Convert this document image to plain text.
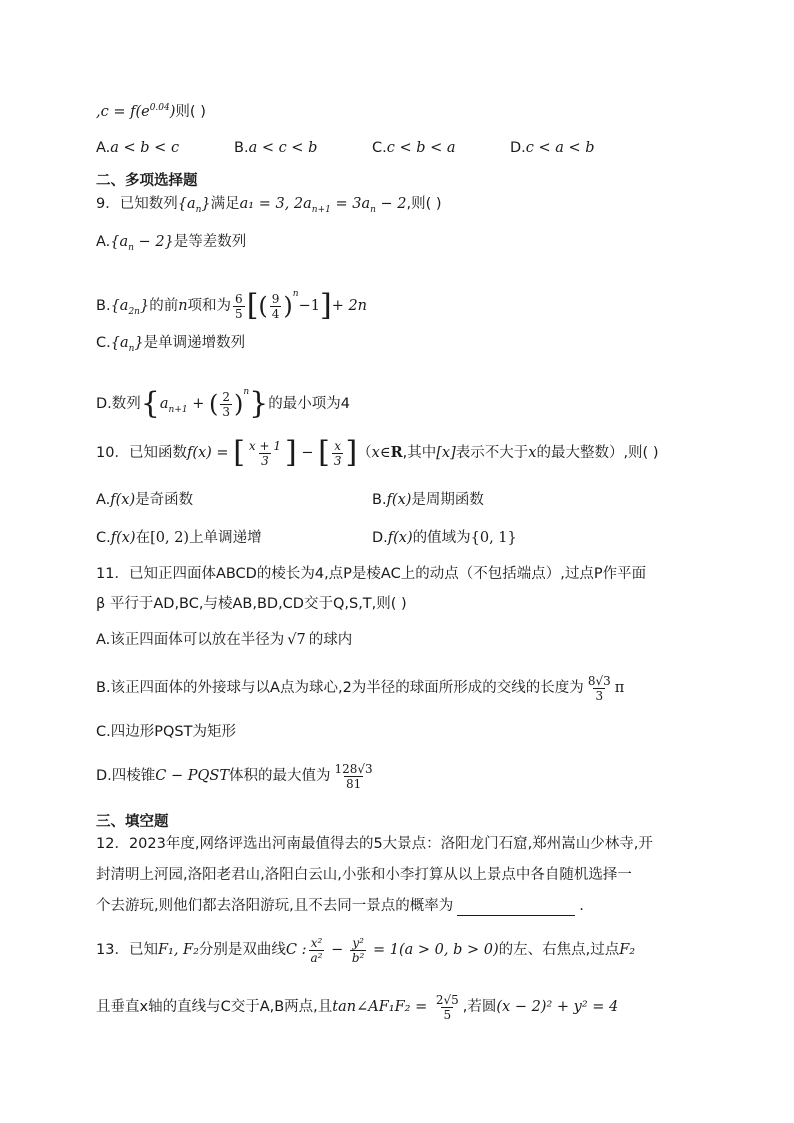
$,c = f(e^{0.04})$则( )
A.a < b < c	B.a < c < b	C.c < b < a	D.c < a < b
二、多项选择题
9．已知数列$\{a_n\}$满足a₁ = 3, $2a_{n+1} = 3a_n - 2$,则( )
$A.\{a_n - 2\}$是等差数列
$B.\{a_{2n}\}$的前n项和为 $\frac{6}{5}$ [( $\frac{9}{4} )^n-1]+ 2n$
$C.\{a_n\}$是单调递增数列
D.数列{$a_{n+1}$ + ( $\frac{2}{3} )^n$}的最小项为4
10．已知函数f(x) = [ $\frac{x + 1}{3}$ ] − [ $\frac{x}{3}$ ]（x∈R,其中[x]表示不大于x的最大整数）,则( )
A.f(x)是奇函数	B.f(x)是周期函数
C.f(x)在[0, 2)上单调递增	D.f(x)的值域为{0, 1}
11．已知正四面体ABCD的棱长为4,点P是棱AC上的动点（不包括端点）,过点P作平面
β 平行于AD,BC,与棱AB,BD,CD交于Q,S,T,则( )
A.该正四面体可以放在半径为 √7 的球内
B.该正四面体的外接球与以A点为球心,2为半径的球面所形成的交线的长度为 $\frac{8√3}{3}$ π
C.四边形PQST为矩形
D.四棱锥C − PQST体积的最大值为 $\frac{128√3}{81}$
三、填空题
12．2023年度,网络评选出河南最值得去的5大景点：洛阳龙门石窟,郑州嵩山少林寺,开
封清明上河园,洛阳老君山,洛阳白云山,小张和小李打算从以上景点中各自随机选择一
个去游玩,则他们都去洛阳游玩,且不去同一景点的概率为	.
13．已知F₁, F₂分别是双曲线C : $\frac{\text{x²}}{\text{a²}} - \frac{\text{y²}}{\text{b²}} = 1(a > 0$, b > 0)的左、右焦点,过点F₂
且垂直x轴的直线与C交于A,B两点,且tan∠AF₁F₂ = $\frac{2√5}{5}$ ,若圆(x − 2)² + y² = 4
